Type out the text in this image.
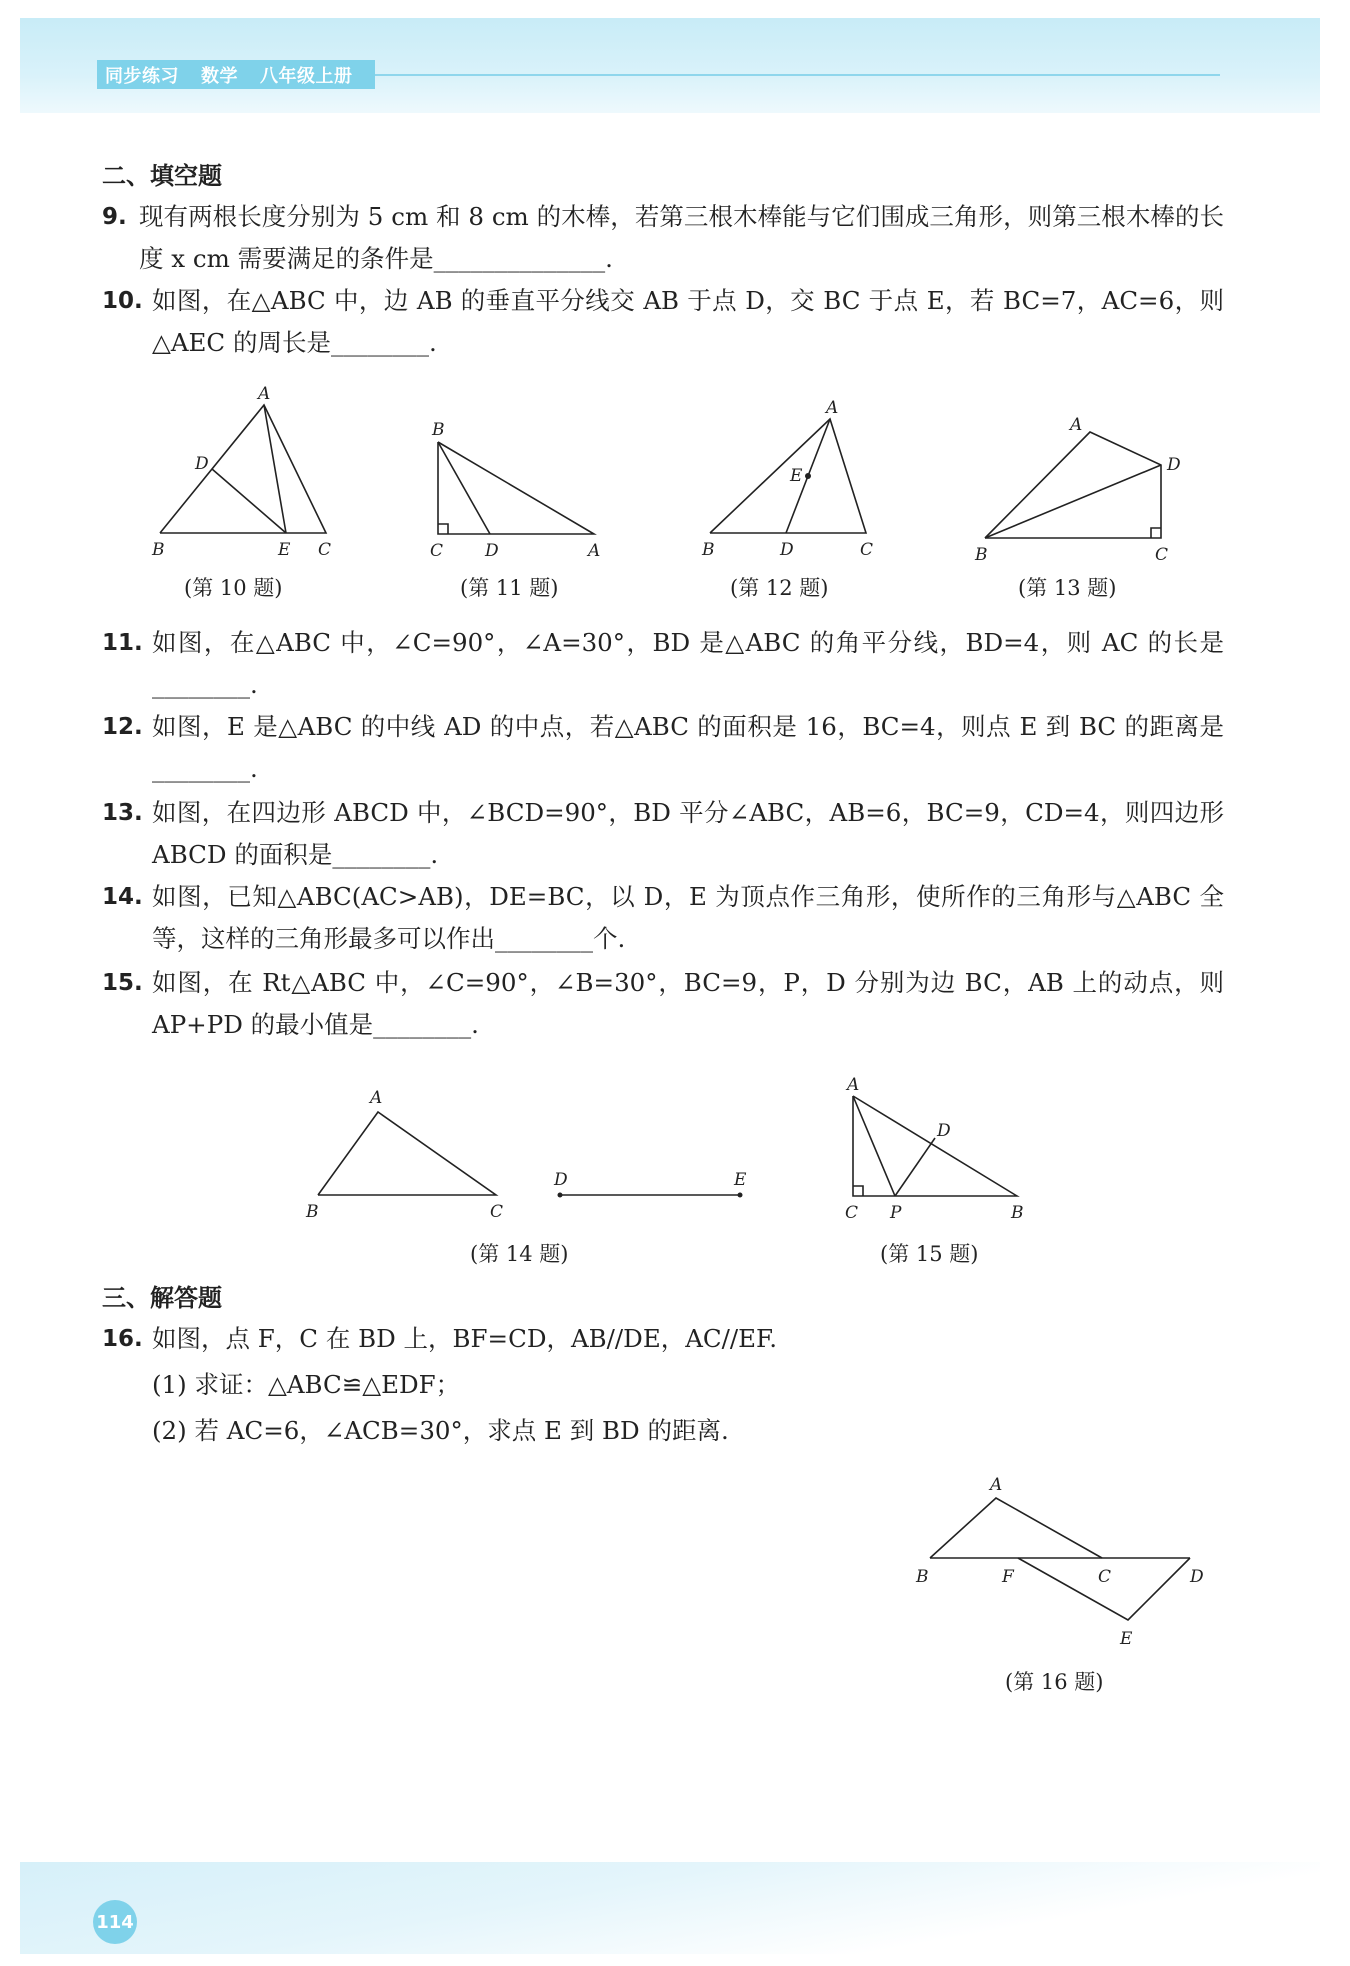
同步练习 数学 八年级上册
二、填空题
9. 现有两根长度分别为 5 cm 和 8 cm 的木棒，若第三根木棒能与它们围成三角形，则第三根木棒的长度 x cm 需要满足的条件是______________.
10. 如图，在△ABC 中，边 AB 的垂直平分线交 AB 于点 D，交 BC 于点 E，若 BC=7，AC=6，则△AEC 的周长是________.
A
D
B	E C
(第 10 题)
B
C D	A
(第 11 题)
A
E
B	D	C
(第 12 题)
A
D
B	C
(第 13 题)
11. 如图，在△ABC 中，∠C=90°，∠A=30°，BD 是△ABC 的角平分线，BD=4，则 AC 的长是________.
12. 如图，E 是△ABC 的中线 AD 的中点，若△ABC 的面积是 16，BC=4，则点 E 到 BC 的距离是________.
13. 如图，在四边形 ABCD 中，∠BCD=90°，BD 平分∠ABC，AB=6，BC=9，CD=4，则四边形 ABCD 的面积是________.
14. 如图，已知△ABC(AC>AB)，DE=BC，以 D，E 为顶点作三角形，使所作的三角形与△ABC 全等，这样的三角形最多可以作出________个.
15. 如图，在 Rt△ABC 中，∠C=90°，∠B=30°，BC=9，P，D 分别为边 BC，AB 上的动点，则 AP+PD 的最小值是________.
A
B	C
D	E
(第 14 题)
A
D
C P	B
(第 15 题)
三、解答题
16. 如图，点 F，C 在 BD 上，BF=CD，AB//DE，AC//EF.
(1) 求证：△ABC≌△EDF；
(2) 若 AC=6，∠ACB=30°，求点 E 到 BD 的距离.
A
B	F	C	D
E
(第 16 题)
114
